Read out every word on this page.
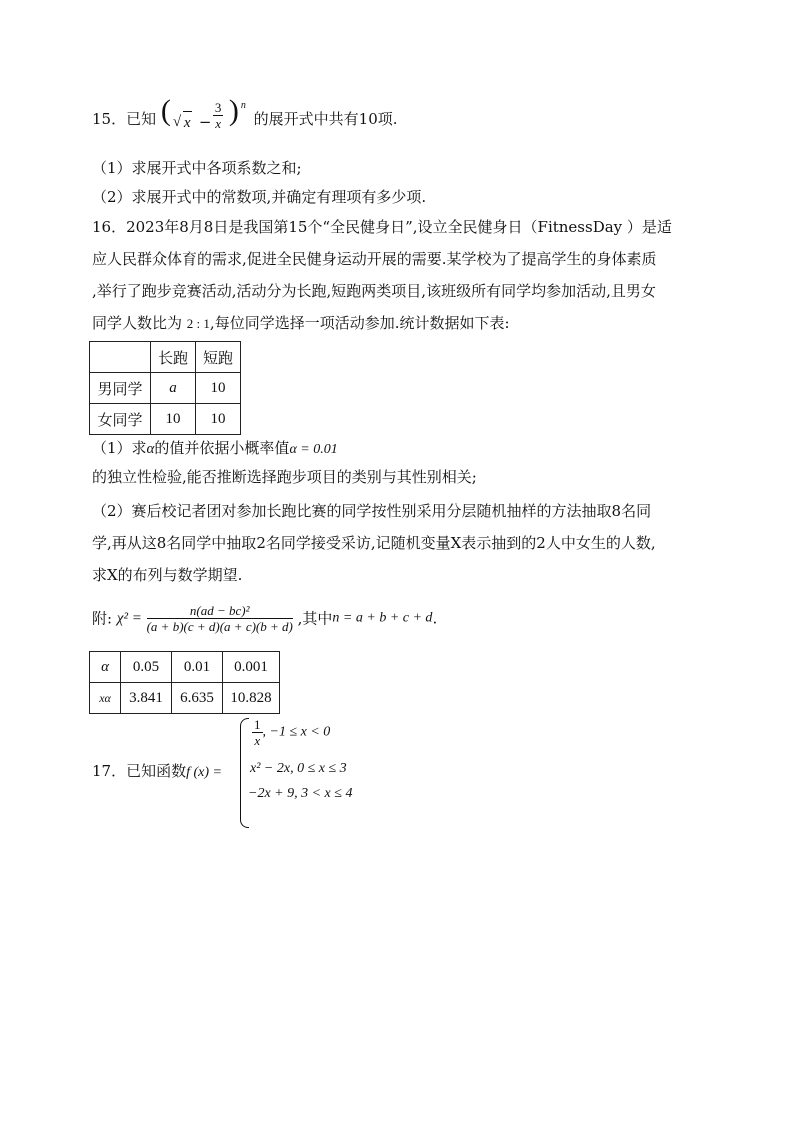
15．已知 ( √ $x - \frac{3}{x}$ ) n
的展开式中共有10项.
（1）求展开式中各项系数之和;
（2）求展开式中的常数项,并确定有理项有多少项.
16．2023年8月8日是我国第15个“全民健身日”,设立全民健身日（FitnessDay ）是适
应人民群众体育的需求,促进全民健身运动开展的需要.某学校为了提高学生的身体素质
,举行了跑步竞赛活动,活动分为长跑,短跑两类项目,该班级所有同学均参加活动,且男女
同学人数比为 2 : 1,每位同学选择一项活动参加.统计数据如下表:
	长跑	短跑
男同学	a	10
女同学	10	10
（1）求α的值并依据小概率值α = 0.01
的独立性检验,能否推断选择跑步项目的类别与其性别相关;
（2）赛后校记者团对参加长跑比赛的同学按性别采用分层随机抽样的方法抽取8名同
学,再从这8名同学中抽取2名同学接受采访,记随机变量X表示抽到的2人中女生的人数,
求X的布列与数学期望.
附: $\chi^2 = \frac{\text{n(ad − bc)²}}{(a + b)(c + d)(a + c)(b + d)}$ ,其中n = a + b + c + d.
α	0.05	0.01	0.001
xα	3.841	6.635	10.828
17．已知函数f (x) =
$\frac{1}{x}$ , −1 ≤ x < 0
x² − 2x, 0 ≤ x ≤ 3
−2x + 9, 3 < x ≤ 4
